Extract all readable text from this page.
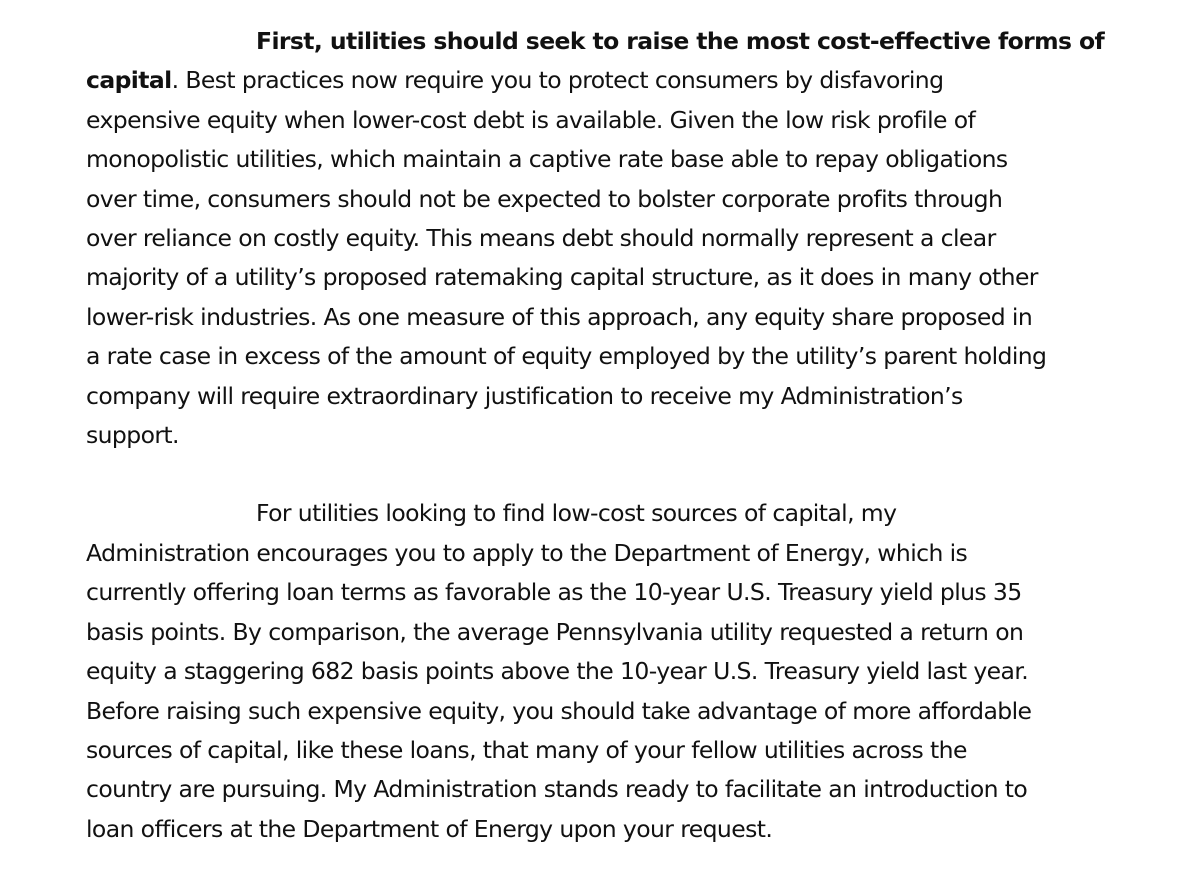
First, utilities should seek to raise the most cost-effective forms of
capital. Best practices now require you to protect consumers by disfavoring
expensive equity when lower-cost debt is available. Given the low risk profile of
monopolistic utilities, which maintain a captive rate base able to repay obligations
over time, consumers should not be expected to bolster corporate profits through
over reliance on costly equity. This means debt should normally represent a clear
majority of a utility’s proposed ratemaking capital structure, as it does in many other
lower-risk industries. As one measure of this approach, any equity share proposed in
a rate case in excess of the amount of equity employed by the utility’s parent holding
company will require extraordinary justification to receive my Administration’s
support.

For utilities looking to find low-cost sources of capital, my
Administration encourages you to apply to the Department of Energy, which is
currently offering loan terms as favorable as the 10-year U.S. Treasury yield plus 35
basis points. By comparison, the average Pennsylvania utility requested a return on
equity a staggering 682 basis points above the 10-year U.S. Treasury yield last year.
Before raising such expensive equity, you should take advantage of more affordable
sources of capital, like these loans, that many of your fellow utilities across the
country are pursuing. My Administration stands ready to facilitate an introduction to
loan officers at the Department of Energy upon your request.
